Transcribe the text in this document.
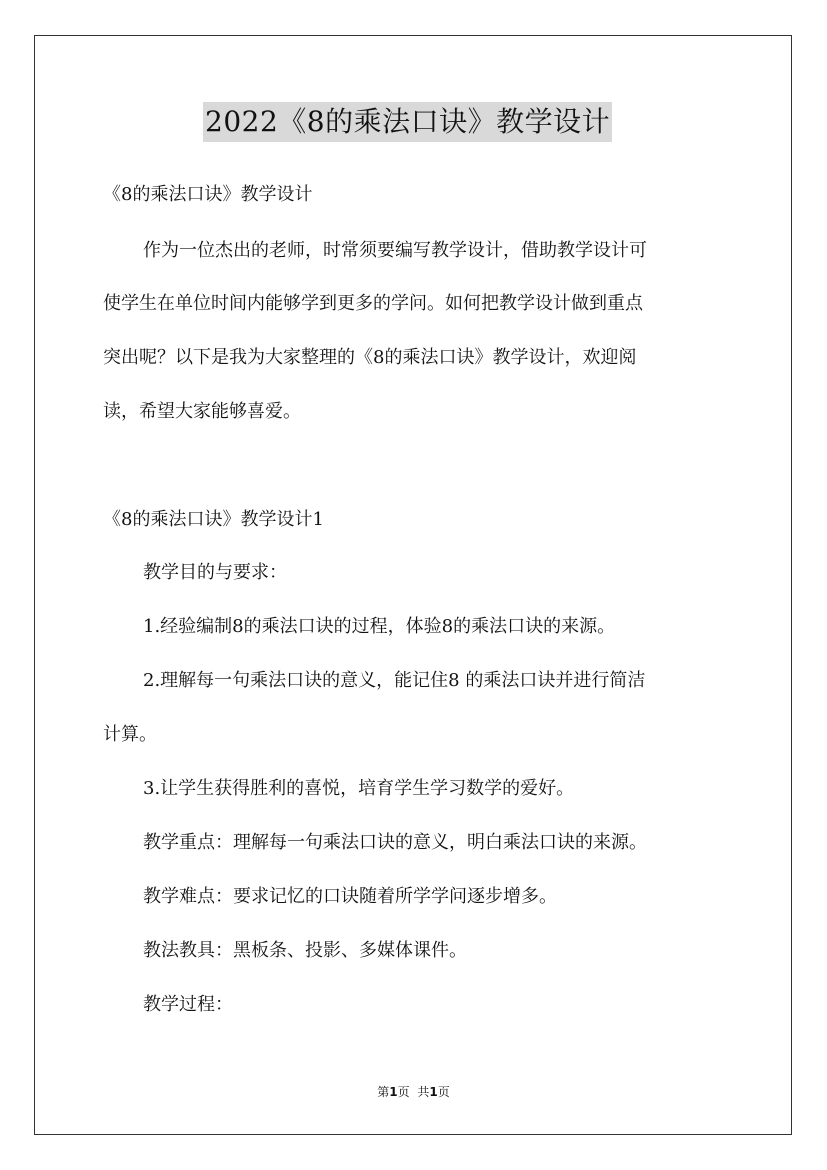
2022《8的乘法口诀》教学设计
《8的乘法口诀》教学设计
作为一位杰出的老师，时常须要编写教学设计，借助教学设计可
使学生在单位时间内能够学到更多的学问。如何把教学设计做到重点
突出呢？以下是我为大家整理的《8的乘法口诀》教学设计，欢迎阅
读，希望大家能够喜爱。
《8的乘法口诀》教学设计1
教学目的与要求：
1.经验编制8的乘法口诀的过程，体验8的乘法口诀的来源。
2.理解每一句乘法口诀的意义，能记住8 的乘法口诀并进行简洁
计算。
3.让学生获得胜利的喜悦，培育学生学习数学的爱好。
教学重点：理解每一句乘法口诀的意义，明白乘法口诀的来源。
教学难点：要求记忆的口诀随着所学学问逐步增多。
教法教具：黑板条、投影、多媒体课件。
教学过程：
第1页 共1页
